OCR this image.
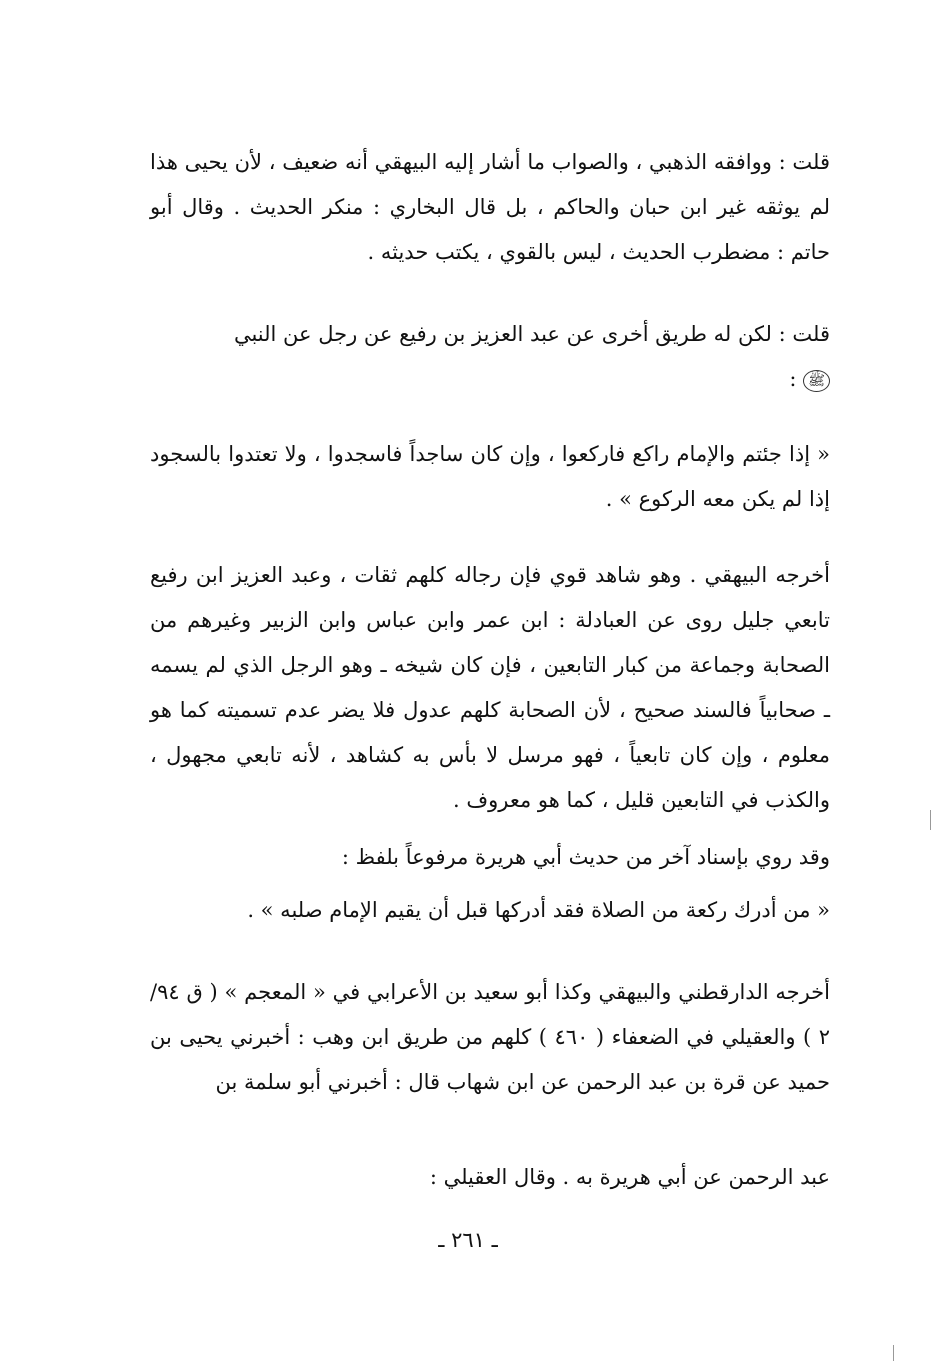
قلت : ووافقه الذهبي ، والصواب ما أشار إليه البيهقي أنه ضعيف ، لأن يحيى هذا لم يوثقه غير ابن حبان والحاكم ، بل قال البخاري : منكر الحديث . وقال أبو حاتم : مضطرب الحديث ، ليس بالقوي ، يكتب حديثه .

قلت : لكن له طريق أخرى عن عبد العزيز بن رفيع عن رجل عن النبي
ﷺ :

« إذا جئتم والإمام راكع فاركعوا ، وإن كان ساجداً فاسجدوا ، ولا تعتدوا بالسجود إذا لم يكن معه الركوع » .

أخرجه البيهقي . وهو شاهد قوي فإن رجاله كلهم ثقات ، وعبد العزيز ابن رفيع تابعي جليل روى عن العبادلة : ابن عمر وابن عباس وابن الزبير وغيرهم من الصحابة وجماعة من كبار التابعين ، فإن كان شيخه ـ وهو الرجل الذي لم يسمه ـ صحابياً فالسند صحيح ، لأن الصحابة كلهم عدول فلا يضر عدم تسميته كما هو معلوم ، وإن كان تابعياً ، فهو مرسل لا بأس به كشاهد ، لأنه تابعي مجهول ، والكذب في التابعين قليل ، كما هو معروف .

وقد روي بإسناد آخر من حديث أبي هريرة مرفوعاً بلفظ :

« من أدرك ركعة من الصلاة فقد أدركها قبل أن يقيم الإمام صلبه » .

أخرجه الدارقطني والبيهقي وكذا أبو سعيد بن الأعرابي في « المعجم » ( ق ٩٤/ ٢ ) والعقيلي في الضعفاء ( ٤٦٠ ) كلهم من طريق ابن وهب : أخبرني يحيى بن حميد عن قرة بن عبد الرحمن عن ابن شهاب قال : أخبرني أبو سلمة بن

عبد الرحمن عن أبي هريرة به . وقال العقيلي :

ـ ٢٦١ ـ
